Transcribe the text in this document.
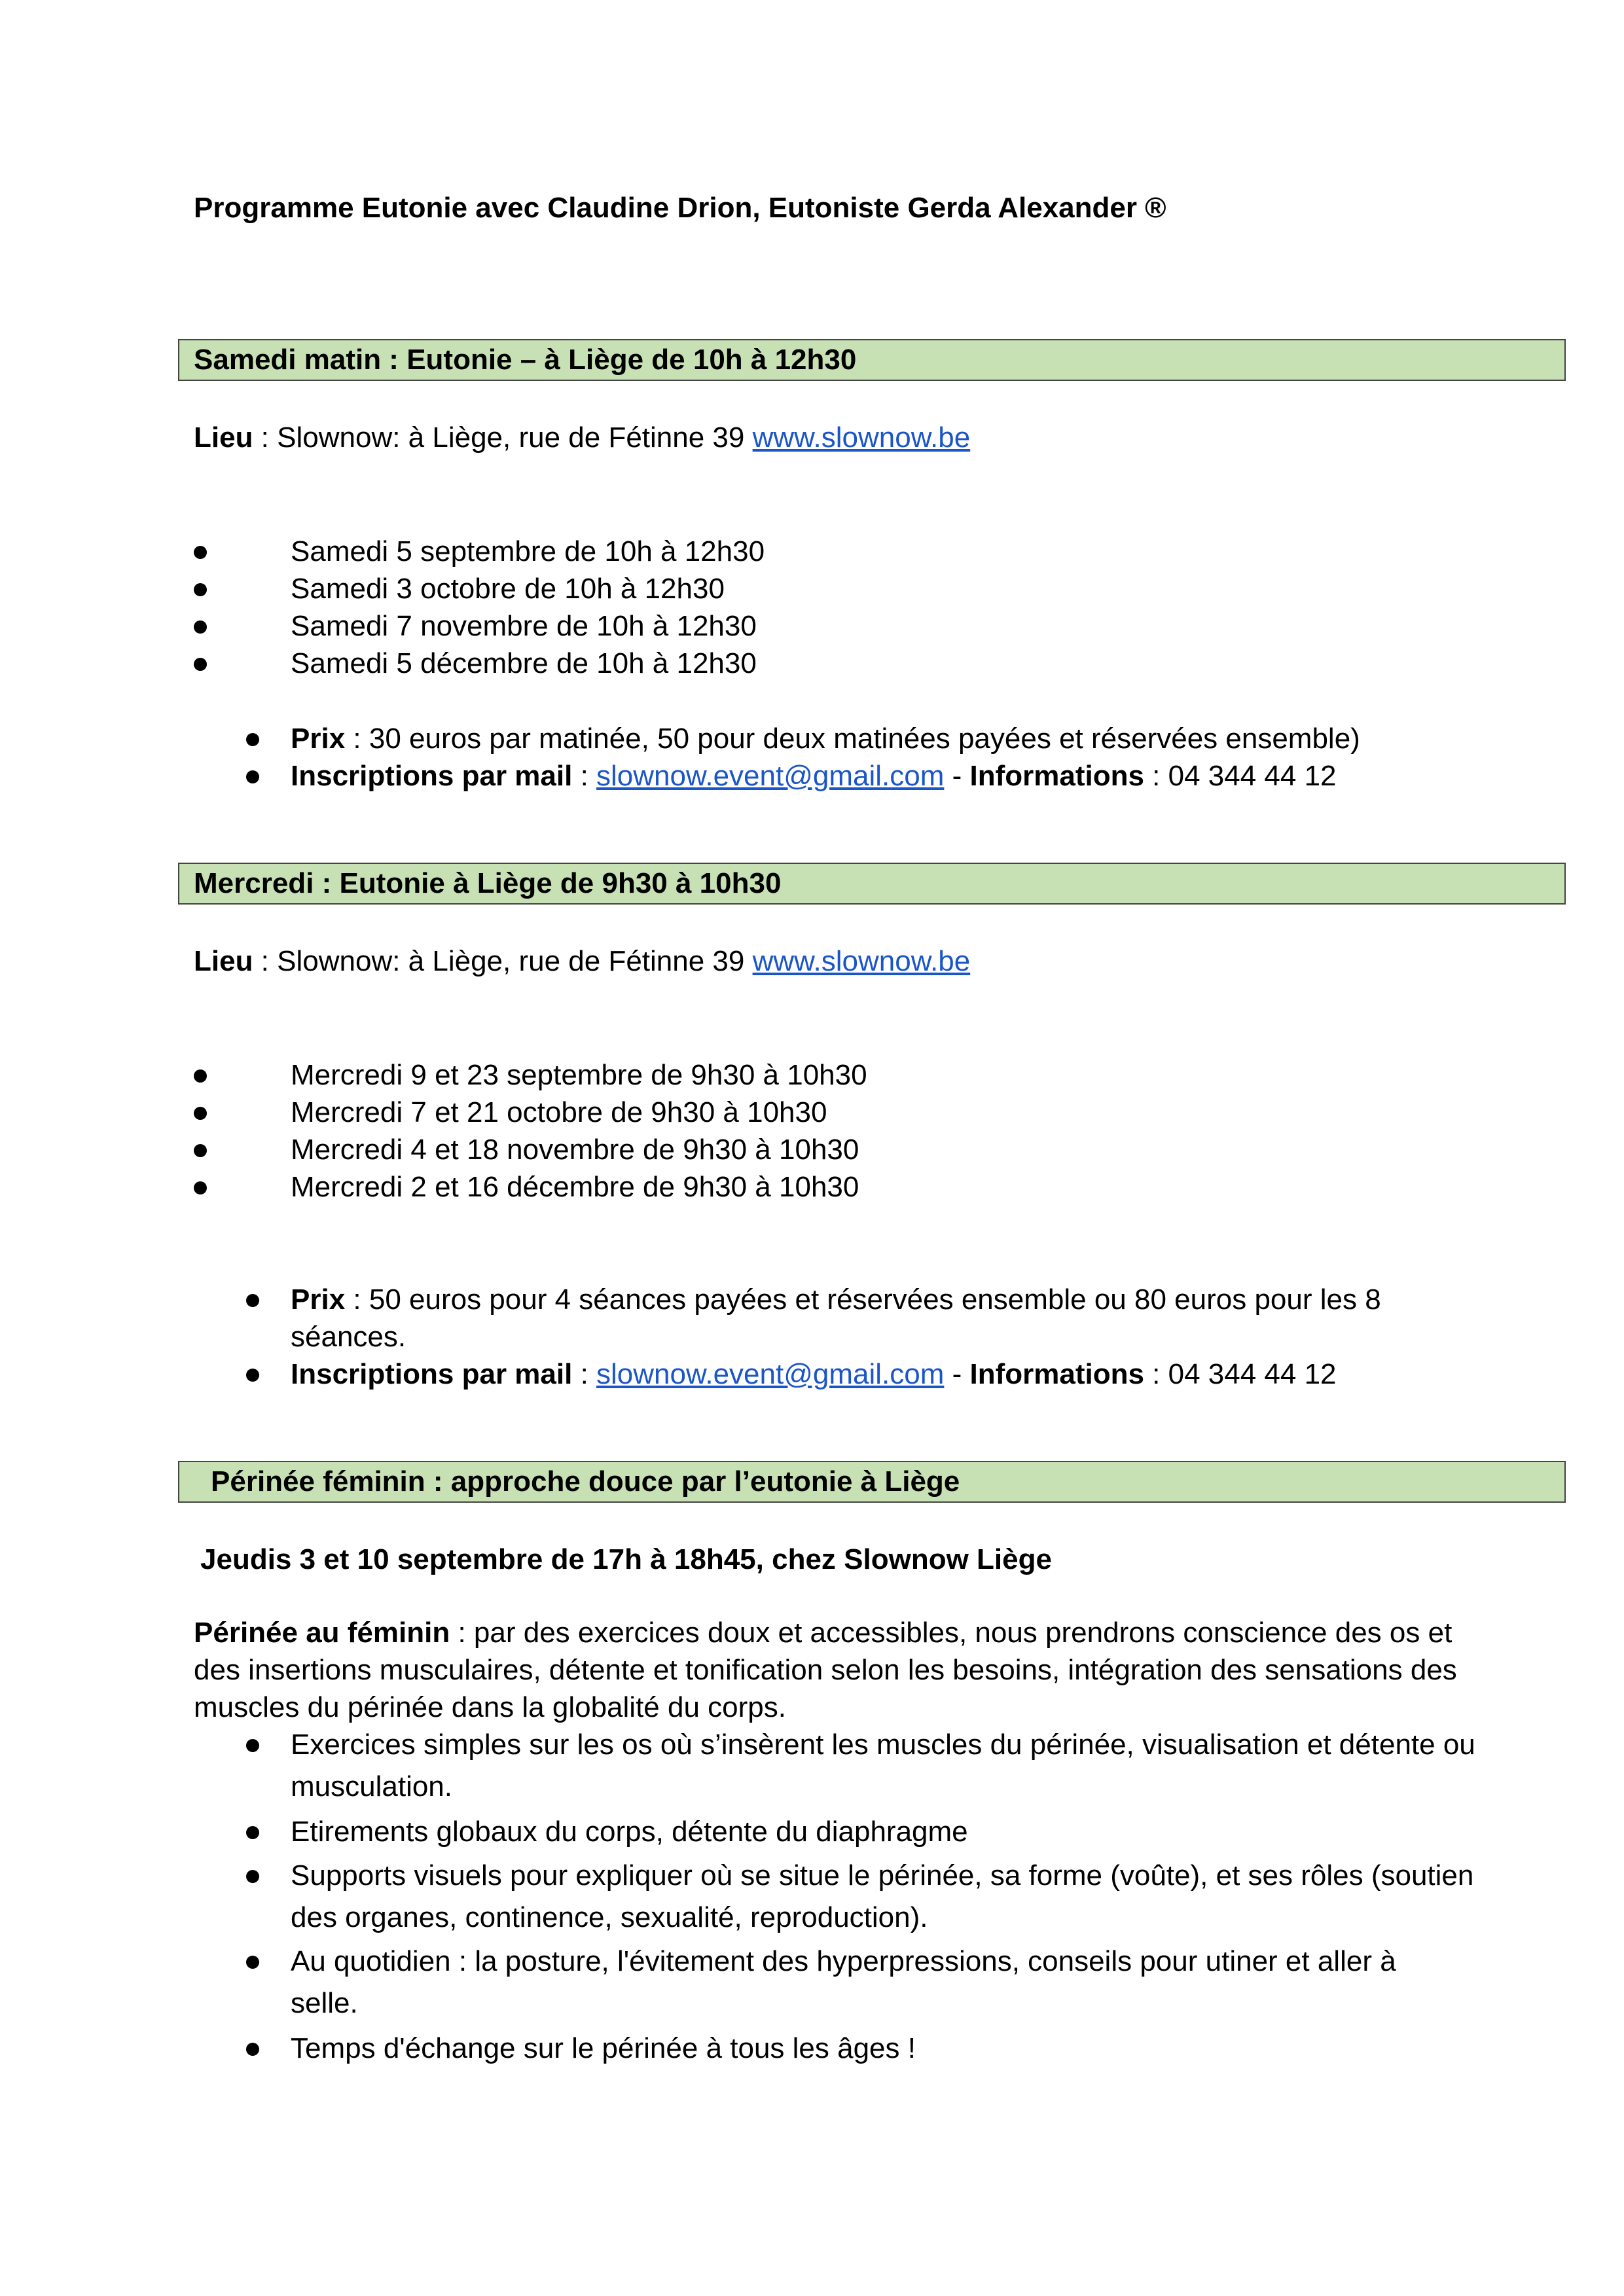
Programme Eutonie avec Claudine Drion, Eutoniste Gerda Alexander ®
Samedi matin : Eutonie – à Liège de 10h à 12h30
Lieu : Slownow: à Liège, rue de Fétinne 39 www.slownow.be
Samedi 5 septembre de 10h à 12h30
Samedi 3 octobre de 10h à 12h30
Samedi 7 novembre de 10h à 12h30
Samedi 5 décembre de 10h à 12h30
Prix : 30 euros par matinée, 50 pour deux matinées payées et réservées ensemble)
Inscriptions par mail : slownow.event@gmail.com - Informations : 04 344 44 12
Mercredi : Eutonie à Liège de 9h30 à 10h30
Lieu : Slownow: à Liège, rue de Fétinne 39 www.slownow.be
Mercredi 9 et 23 septembre de 9h30 à 10h30
Mercredi 7 et 21 octobre de 9h30 à 10h30
Mercredi 4 et 18 novembre de 9h30 à 10h30
Mercredi 2 et 16 décembre de 9h30 à 10h30
Prix : 50 euros pour 4 séances payées et réservées ensemble ou 80 euros pour les 8
séances.
Inscriptions par mail : slownow.event@gmail.com - Informations : 04 344 44 12
Périnée féminin : approche douce par l’eutonie à Liège
Jeudis 3 et 10 septembre de 17h à 18h45, chez Slownow Liège
Périnée au féminin : par des exercices doux et accessibles, nous prendrons conscience des os et
des insertions musculaires, détente et tonification selon les besoins, intégration des sensations des
muscles du périnée dans la globalité du corps.
Exercices simples sur les os où s’insèrent les muscles du périnée, visualisation et détente ou
musculation.
Etirements globaux du corps, détente du diaphragme
Supports visuels pour expliquer où se situe le périnée, sa forme (voûte), et ses rôles (soutien
des organes, continence, sexualité, reproduction).
Au quotidien : la posture, l'évitement des hyperpressions, conseils pour utiner et aller à
selle.
Temps d'échange sur le périnée à tous les âges !
